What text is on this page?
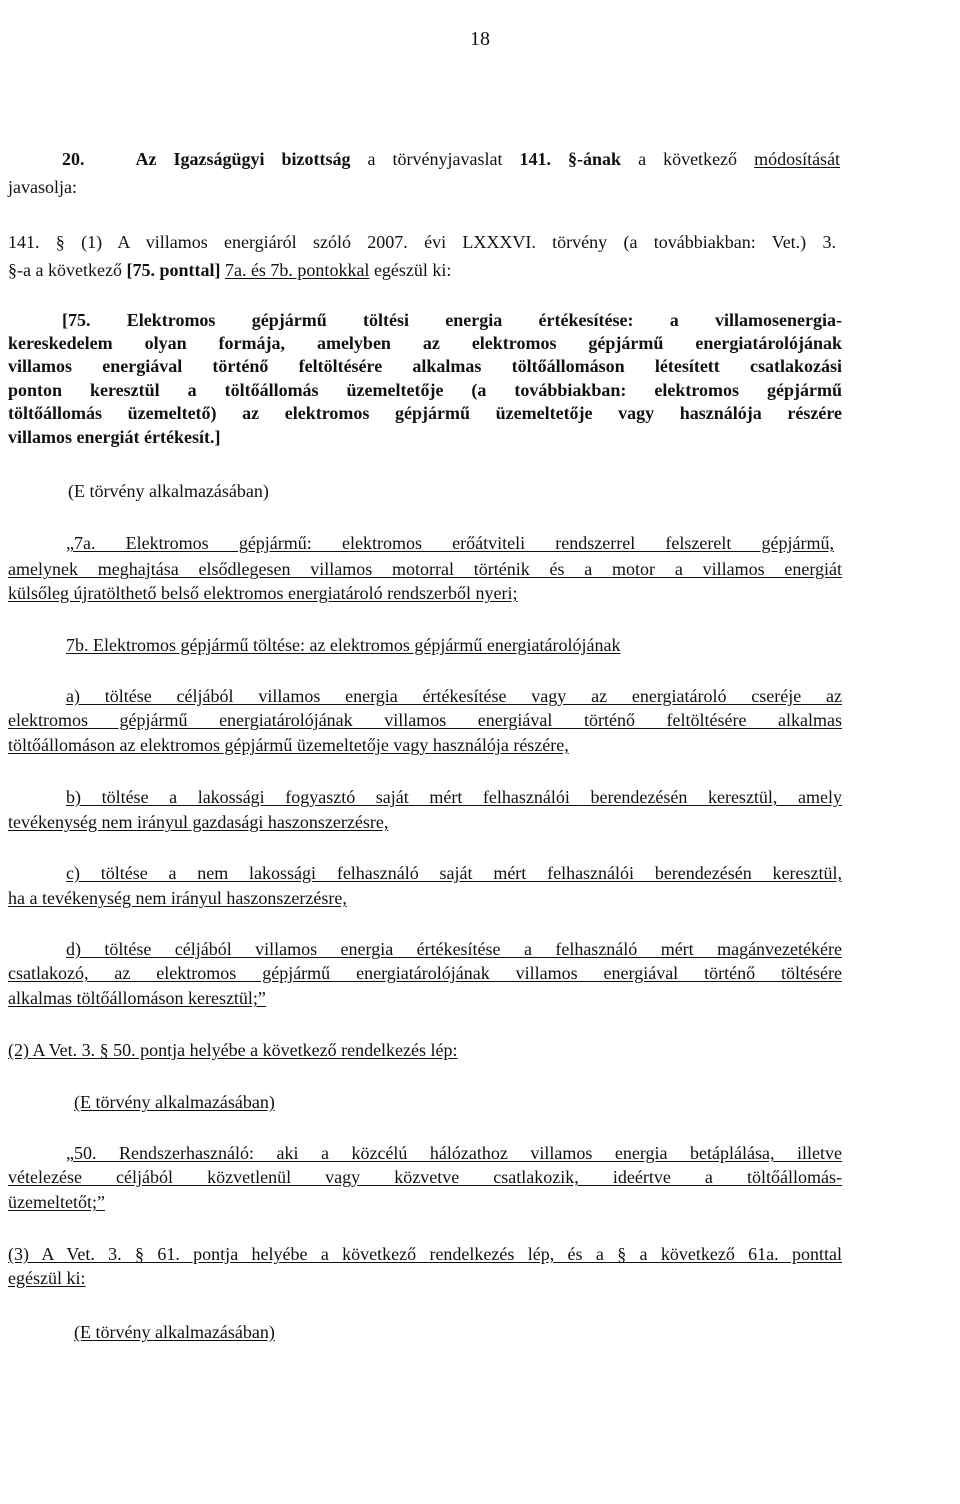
18
20.	Az Igazságügyi bizottság a törvényjavaslat 141. §-ának a következő módosítását
javasolja:
141. § (1) A villamos energiáról szóló 2007. évi LXXXVI. törvény (a továbbiakban: Vet.) 3.
§-a a következő [75. ponttal] 7a. és 7b. pontokkal egészül ki:
[75. Elektromos gépjármű töltési energia értékesítése: a villamosenergia-
kereskedelem olyan formája, amelyben az elektromos gépjármű energiatárolójának
villamos energiával történő feltöltésére alkalmas töltőállomáson létesített csatlakozási
ponton keresztül a töltőállomás üzemeltetője (a továbbiakban: elektromos gépjármű
töltőállomás üzemeltető) az elektromos gépjármű üzemeltetője vagy használója részére
villamos energiát értékesít.]
(E törvény alkalmazásában)
„7a. Elektromos gépjármű: elektromos erőátviteli rendszerrel felszerelt gépjármű,
amelynek meghajtása elsődlegesen villamos motorral történik és a motor a villamos energiát
külsőleg újratölthető belső elektromos energiatároló rendszerből nyeri;
7b. Elektromos gépjármű töltése: az elektromos gépjármű energiatárolójának
a) töltése céljából villamos energia értékesítése vagy az energiatároló cseréje az
elektromos gépjármű energiatárolójának villamos energiával történő feltöltésére alkalmas
töltőállomáson az elektromos gépjármű üzemeltetője vagy használója részére,
b) töltése a lakossági fogyasztó saját mért felhasználói berendezésén keresztül, amely
tevékenység nem irányul gazdasági haszonszerzésre,
c) töltése a nem lakossági felhasználó saját mért felhasználói berendezésén keresztül,
ha a tevékenység nem irányul haszonszerzésre,
d) töltése céljából villamos energia értékesítése a felhasználó mért magánvezetékére
csatlakozó, az elektromos gépjármű energiatárolójának villamos energiával történő töltésére
alkalmas töltőállomáson keresztül;”
(2) A Vet. 3. § 50. pontja helyébe a következő rendelkezés lép:
(E törvény alkalmazásában)
„50. Rendszerhasználó: aki a közcélú hálózathoz villamos energia betáplálása, illetve
vételezése céljából közvetlenül vagy közvetve csatlakozik, ideértve a töltőállomás-
üzemeltetőt;”
(3) A Vet. 3. § 61. pontja helyébe a következő rendelkezés lép, és a § a következő 61a. ponttal
egészül ki:
(E törvény alkalmazásában)
